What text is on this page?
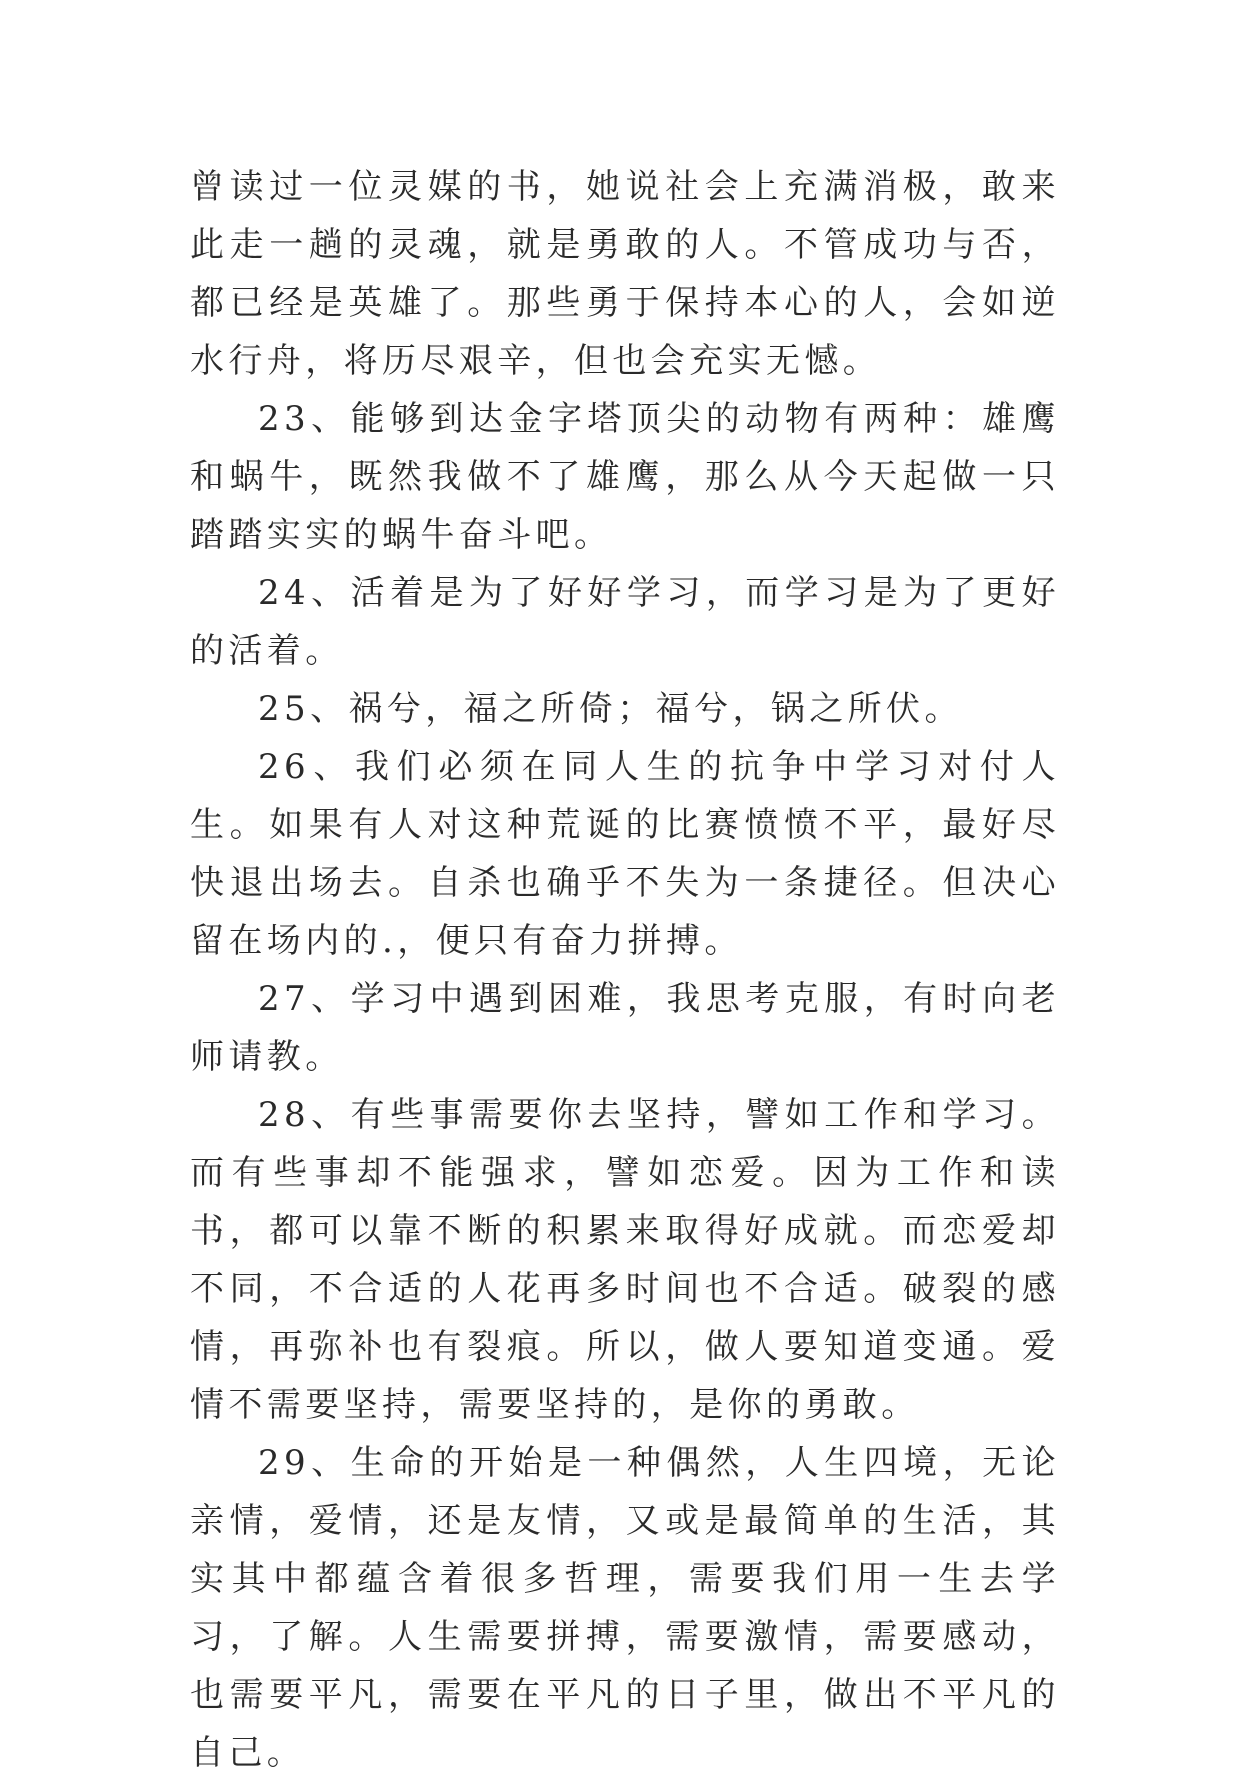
曾读过一位灵媒的书，她说社会上充满消极，敢来此走一趟的灵魂，就是勇敢的人。不管成功与否，都已经是英雄了。那些勇于保持本心的人，会如逆水行舟，将历尽艰辛，但也会充实无憾。

23、能够到达金字塔顶尖的动物有两种：雄鹰和蜗牛，既然我做不了雄鹰，那么从今天起做一只踏踏实实的蜗牛奋斗吧。

24、活着是为了好好学习，而学习是为了更好的活着。

25、祸兮，福之所倚；福兮，锅之所伏。

26、我们必须在同人生的抗争中学习对付人生。如果有人对这种荒诞的比赛愤愤不平，最好尽快退出场去。自杀也确乎不失为一条捷径。但决心留在场内的.，便只有奋力拼搏。

27、学习中遇到困难，我思考克服，有时向老师请教。

28、有些事需要你去坚持，譬如工作和学习。而有些事却不能强求，譬如恋爱。因为工作和读书，都可以靠不断的积累来取得好成就。而恋爱却不同，不合适的人花再多时间也不合适。破裂的感情，再弥补也有裂痕。所以，做人要知道变通。爱情不需要坚持，需要坚持的，是你的勇敢。

29、生命的开始是一种偶然，人生四境，无论亲情，爱情，还是友情，又或是最简单的生活，其实其中都蕴含着很多哲理，需要我们用一生去学习，了解。人生需要拼搏，需要激情，需要感动，也需要平凡，需要在平凡的日子里，做出不平凡的自己。
